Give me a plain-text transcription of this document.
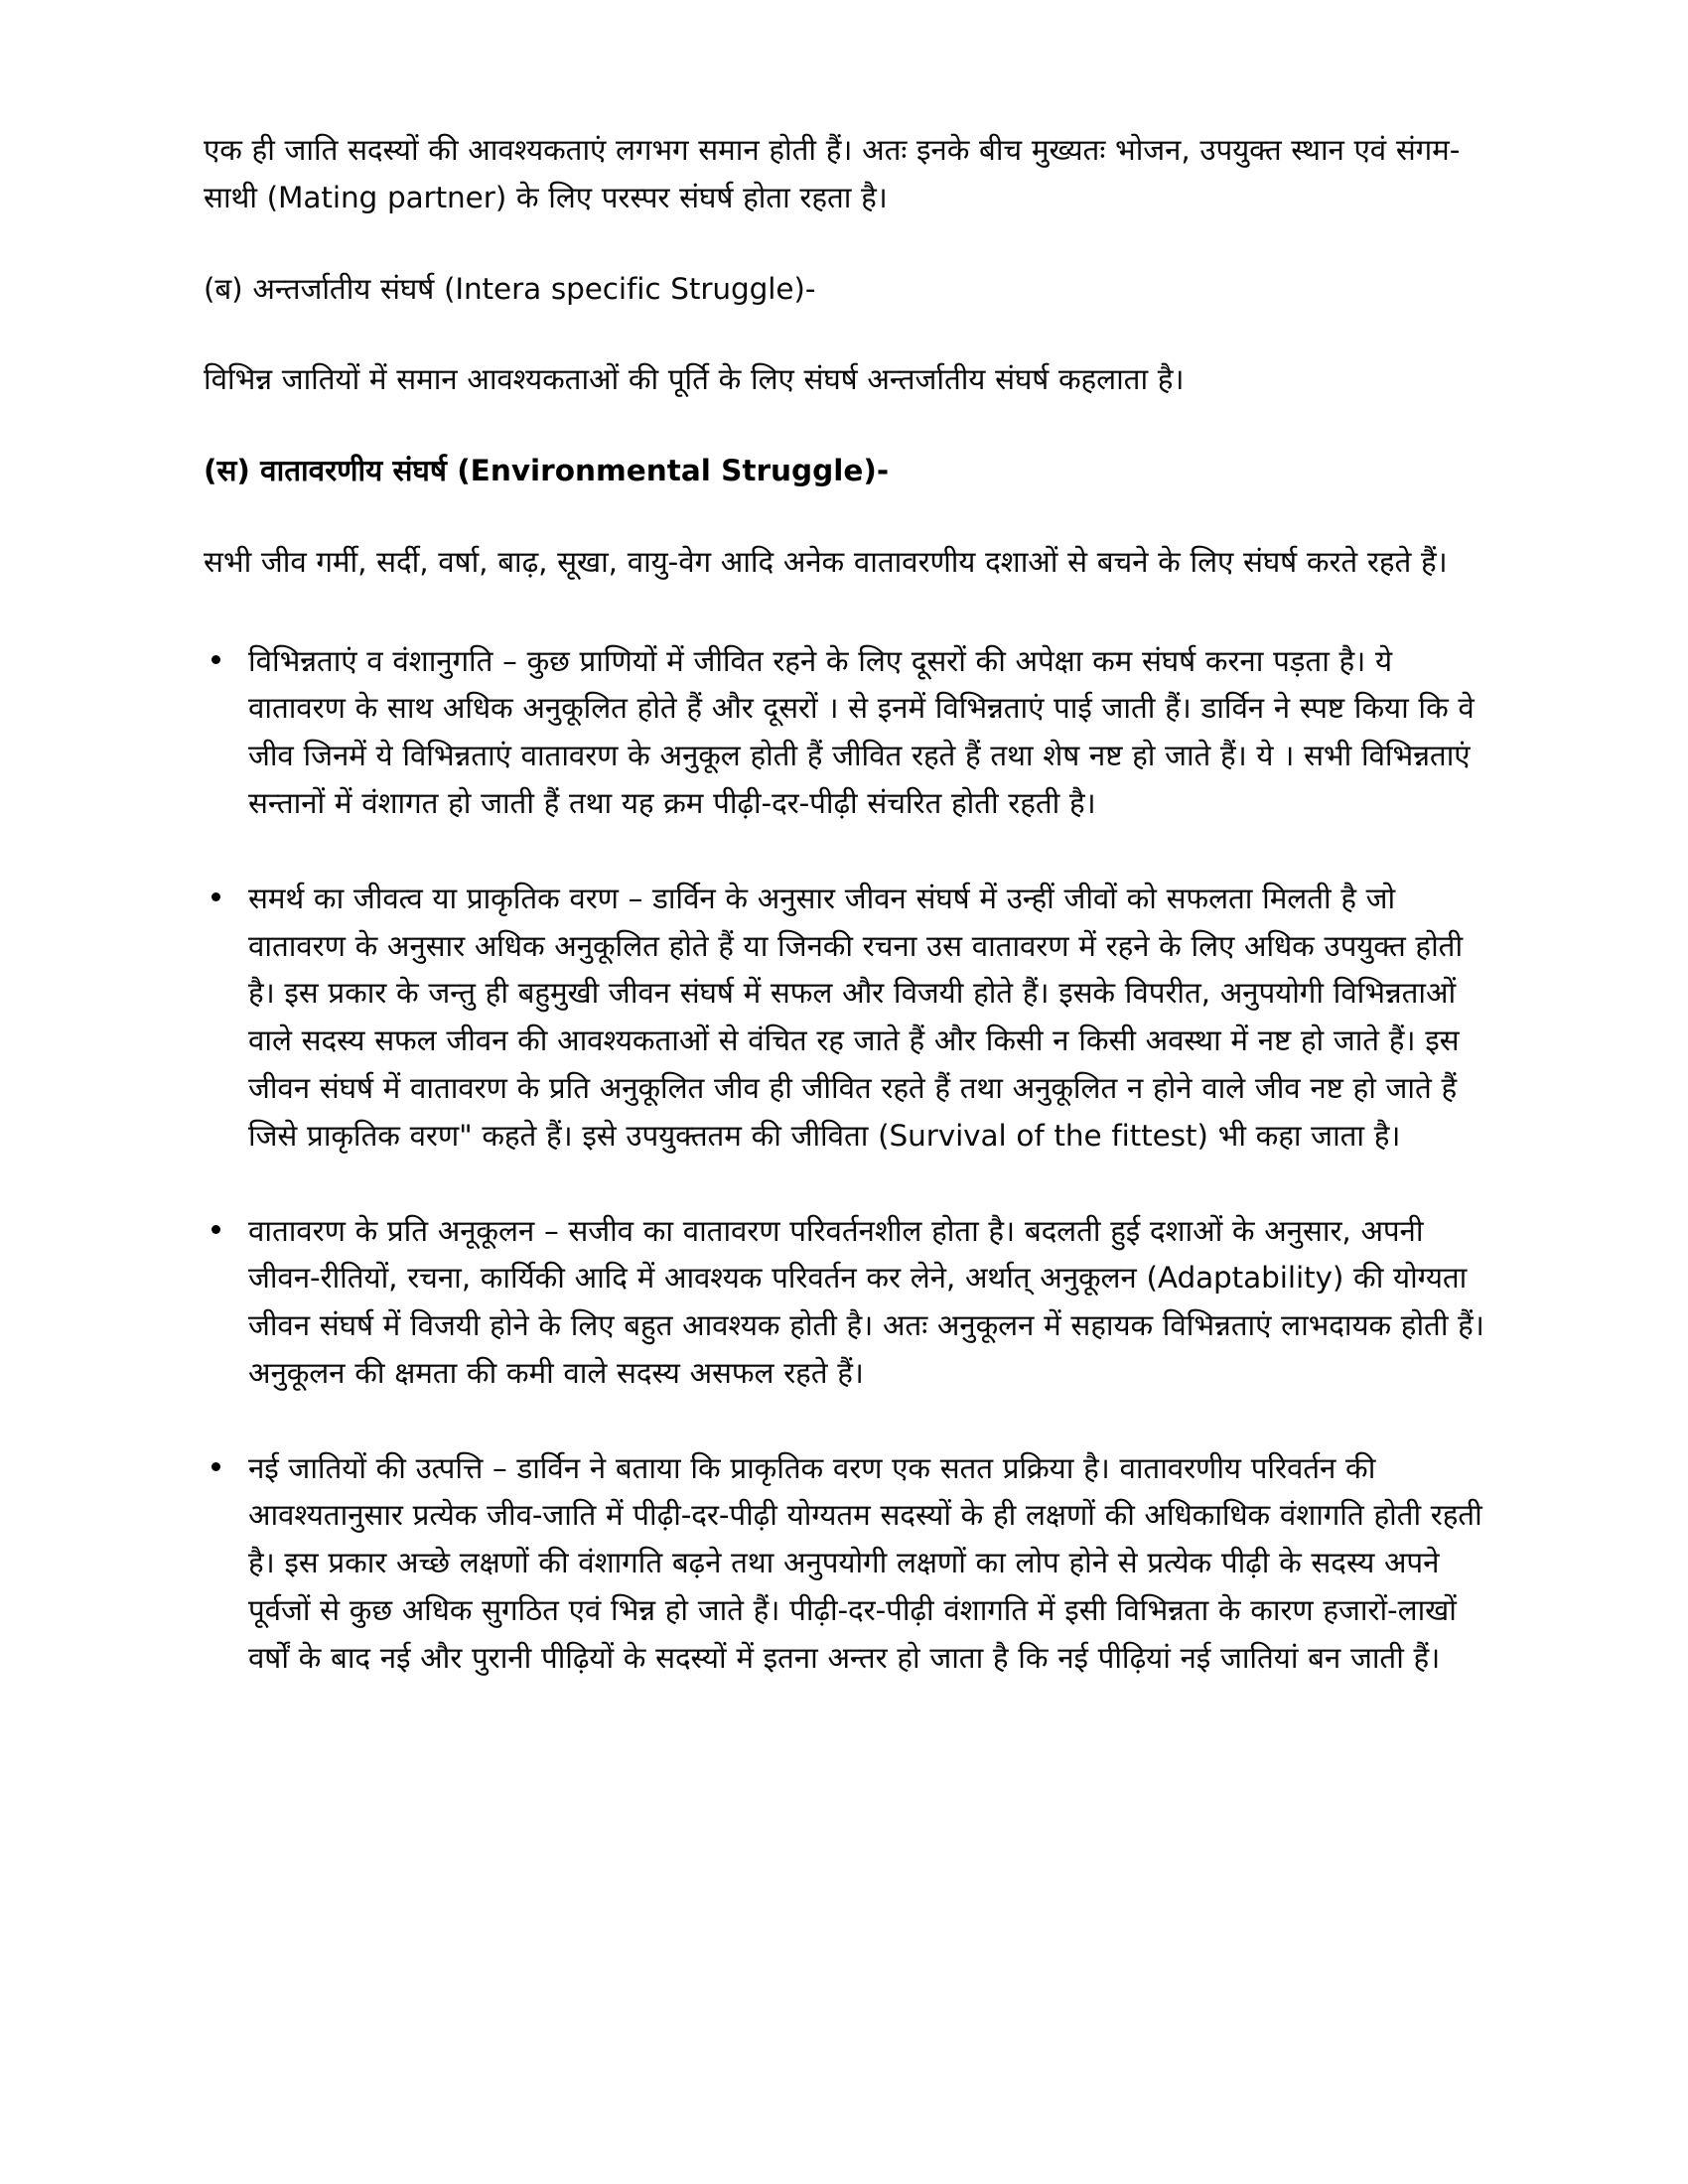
एक ही जाति सदस्यों की आवश्यकताएं लगभग समान होती हैं। अतः इनके बीच मुख्यतः भोजन, उपयुक्त स्थान एवं संगम-साथी (Mating partner) के लिए परस्पर संघर्ष होता रहता है।

(ब) अन्तर्जातीय संघर्ष (Intera specific Struggle)-

विभिन्न जातियों में समान आवश्यकताओं की पूर्ति के लिए संघर्ष अन्तर्जातीय संघर्ष कहलाता है।

(स) वातावरणीय संघर्ष (Environmental Struggle)-

सभी जीव गर्मी, सर्दी, वर्षा, बाढ़, सूखा, वायु-वेग आदि अनेक वातावरणीय दशाओं से बचने के लिए संघर्ष करते रहते हैं।

विभिन्नताएं व वंशानुगति – कुछ प्राणियों में जीवित रहने के लिए दूसरों की अपेक्षा कम संघर्ष करना पड़ता है। ये वातावरण के साथ अधिक अनुकूलित होते हैं और दूसरों । से इनमें विभिन्नताएं पाई जाती हैं। डार्विन ने स्पष्ट किया कि वे जीव जिनमें ये विभिन्नताएं वातावरण के अनुकूल होती हैं जीवित रहते हैं तथा शेष नष्ट हो जाते हैं। ये । सभी विभिन्नताएं सन्तानों में वंशागत हो जाती हैं तथा यह क्रम पीढ़ी-दर-पीढ़ी संचरित होती रहती है।
समर्थ का जीवत्व या प्राकृतिक वरण – डार्विन के अनुसार जीवन संघर्ष में उन्हीं जीवों को सफलता मिलती है जो वातावरण के अनुसार अधिक अनुकूलित होते हैं या जिनकी रचना उस वातावरण में रहने के लिए अधिक उपयुक्त होती है। इस प्रकार के जन्तु ही बहुमुखी जीवन संघर्ष में सफल और विजयी होते हैं। इसके विपरीत, अनुपयोगी विभिन्नताओं वाले सदस्य सफल जीवन की आवश्यकताओं से वंचित रह जाते हैं और किसी न किसी अवस्था में नष्ट हो जाते हैं। इस जीवन संघर्ष में वातावरण के प्रति अनुकूलित जीव ही जीवित रहते हैं तथा अनुकूलित न होने वाले जीव नष्ट हो जाते हैं जिसे प्राकृतिक वरण" कहते हैं। इसे उपयुक्ततम की जीविता (Survival of the fittest) भी कहा जाता है।
वातावरण के प्रति अनूकूलन – सजीव का वातावरण परिवर्तनशील होता है। बदलती हुई दशाओं के अनुसार, अपनी जीवन-रीतियों, रचना, कार्यिकी आदि में आवश्यक परिवर्तन कर लेने, अर्थात् अनुकूलन (Adaptability) की योग्यता जीवन संघर्ष में विजयी होने के लिए बहुत आवश्यक होती है। अतः अनुकूलन में सहायक विभिन्नताएं लाभदायक होती हैं। अनुकूलन की क्षमता की कमी वाले सदस्य असफल रहते हैं।
नई जातियों की उत्पत्ति – डार्विन ने बताया कि प्राकृतिक वरण एक सतत प्रक्रिया है। वातावरणीय परिवर्तन की आवश्यतानुसार प्रत्येक जीव-जाति में पीढ़ी-दर-पीढ़ी योग्यतम सदस्यों के ही लक्षणों की अधिकाधिक वंशागति होती रहती है। इस प्रकार अच्छे लक्षणों की वंशागति बढ़ने तथा अनुपयोगी लक्षणों का लोप होने से प्रत्येक पीढ़ी के सदस्य अपने पूर्वजों से कुछ अधिक सुगठित एवं भिन्न हो जाते हैं। पीढ़ी-दर-पीढ़ी वंशागति में इसी विभिन्नता के कारण हजारों-लाखों वर्षों के बाद नई और पुरानी पीढ़ियों के सदस्यों में इतना अन्तर हो जाता है कि नई पीढ़ियां नई जातियां बन जाती हैं।
